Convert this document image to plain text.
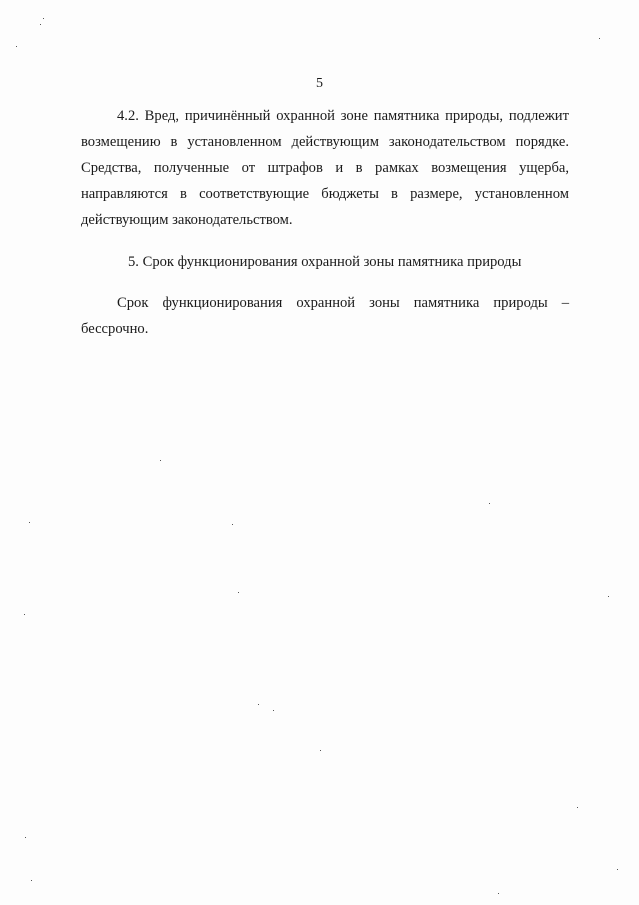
5
4.2. Вред, причинённый охранной зоне памятника природы, подлежит
возмещению в установленном действующим законодательством порядке.
Средства, полученные от штрафов и в рамках возмещения ущерба,
направляются в соответствующие бюджеты в размере, установленном
действующим законодательством.
5. Срок функционирования охранной зоны памятника природы
Срок функционирования охранной зоны памятника природы –
бессрочно.
